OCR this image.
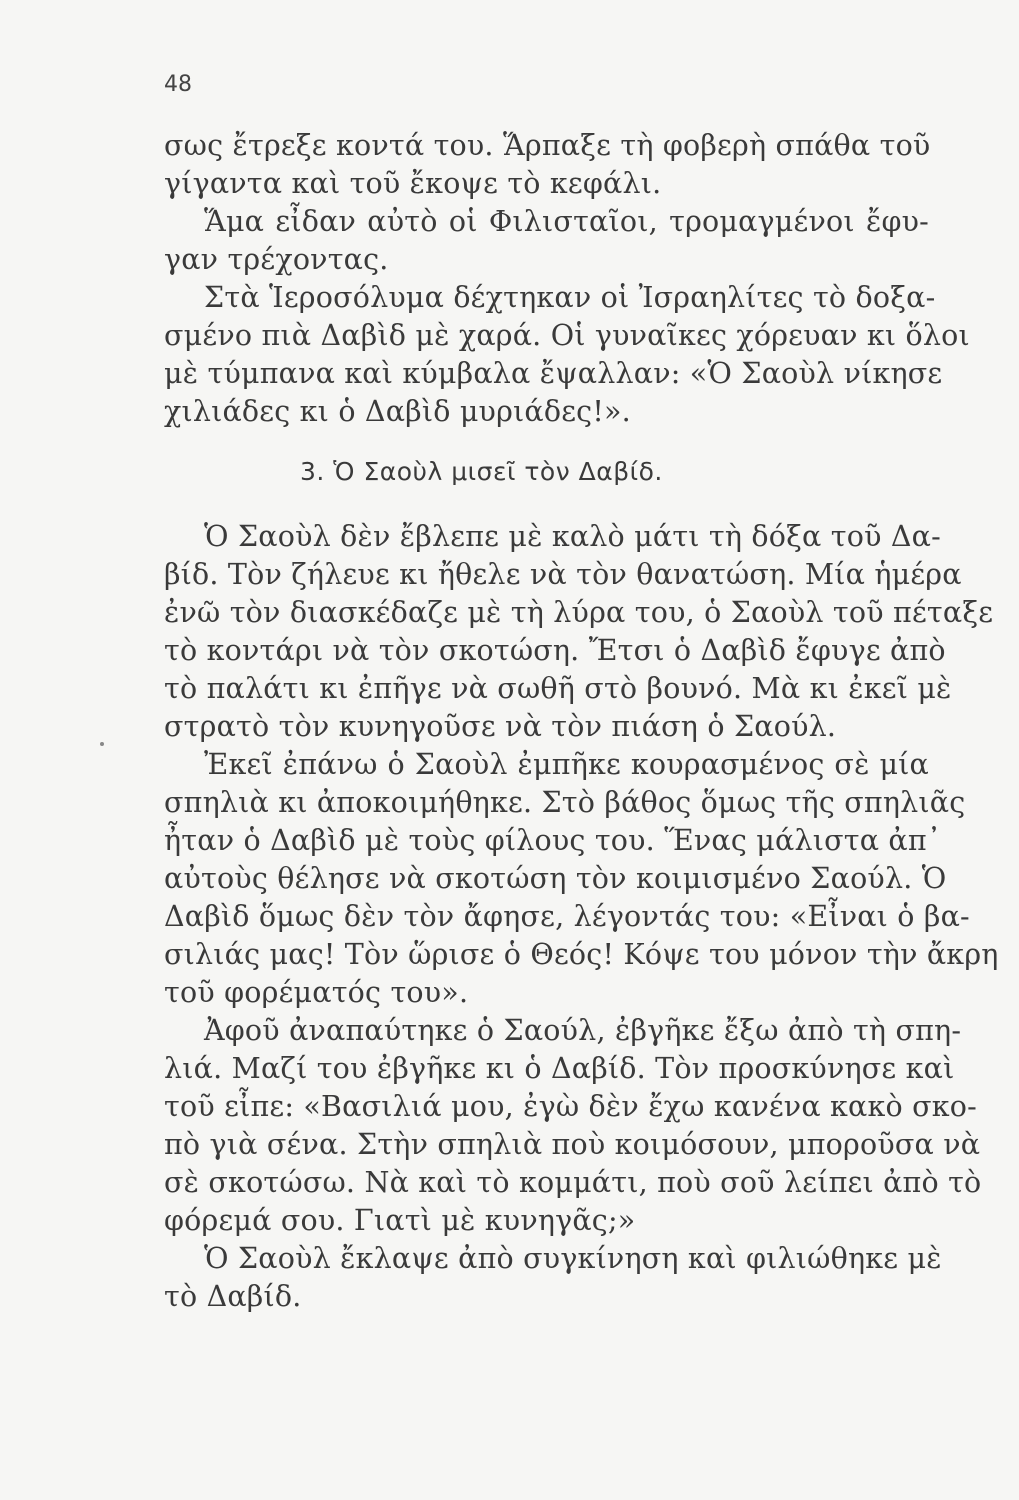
48
σως ἔτρεξε κοντά του. Ἅρπαξε τὴ φοβερὴ σπάθα τοῦ
γίγαντα καὶ τοῦ ἔκοψε τὸ κεφάλι.
Ἅμα εἶδαν αὐτὸ οἱ Φιλισταῖοι, τρομαγμένοι ἔφυ-
γαν τρέχοντας.
Στὰ Ἱεροσόλυμα δέχτηκαν οἱ Ἰσραηλίτες τὸ δοξα-
σμένο πιὰ Δαβὶδ μὲ χαρά. Οἱ γυναῖκες χόρευαν κι ὅλοι
μὲ τύμπανα καὶ κύμβαλα ἔψαλλαν: «Ὁ Σαοὺλ νίκησε
χιλιάδες κι ὁ Δαβὶδ μυριάδες!».
3. Ὁ Σαοὺλ μισεῖ τὸν Δαβίδ.
Ὁ Σαοὺλ δὲν ἔβλεπε μὲ καλὸ μάτι τὴ δόξα τοῦ Δα-
βίδ. Τὸν ζήλευε κι ἤθελε νὰ τὸν θανατώση. Μία ἡμέρα
ἐνῶ τὸν διασκέδαζε μὲ τὴ λύρα του, ὁ Σαοὺλ τοῦ πέταξε
τὸ κοντάρι νὰ τὸν σκοτώση. Ἔτσι ὁ Δαβὶδ ἔφυγε ἀπὸ
τὸ παλάτι κι ἐπῆγε νὰ σωθῆ στὸ βουνό. Μὰ κι ἐκεῖ μὲ
στρατὸ τὸν κυνηγοῦσε νὰ τὸν πιάση ὁ Σαούλ.
Ἐκεῖ ἐπάνω ὁ Σαοὺλ ἐμπῆκε κουρασμένος σὲ μία
σπηλιὰ κι ἀποκοιμήθηκε. Στὸ βάθος ὅμως τῆς σπηλιᾶς
ἦταν ὁ Δαβὶδ μὲ τοὺς φίλους του. Ἕνας μάλιστα ἀπ᾽
αὐτοὺς θέλησε νὰ σκοτώση τὸν κοιμισμένο Σαούλ. Ὁ
Δαβὶδ ὅμως δὲν τὸν ἄφησε, λέγοντάς του: «Εἶναι ὁ βα-
σιλιάς μας! Τὸν ὥρισε ὁ Θεός! Κόψε του μόνον τὴν ἄκρη
τοῦ φορέματός του».
Ἀφοῦ ἀναπαύτηκε ὁ Σαούλ, ἐβγῆκε ἔξω ἀπὸ τὴ σπη-
λιά. Μαζί του ἐβγῆκε κι ὁ Δαβίδ. Τὸν προσκύνησε καὶ
τοῦ εἶπε: «Βασιλιά μου, ἐγὼ δὲν ἔχω κανένα κακὸ σκο-
πὸ γιὰ σένα. Στὴν σπηλιὰ ποὺ κοιμόσουν, μποροῦσα νὰ
σὲ σκοτώσω. Νὰ καὶ τὸ κομμάτι, ποὺ σοῦ λείπει ἀπὸ τὸ
φόρεμά σου. Γιατὶ μὲ κυνηγᾶς;»
Ὁ Σαοὺλ ἔκλαψε ἀπὸ συγκίνηση καὶ φιλιώθηκε μὲ
τὸ Δαβίδ.
